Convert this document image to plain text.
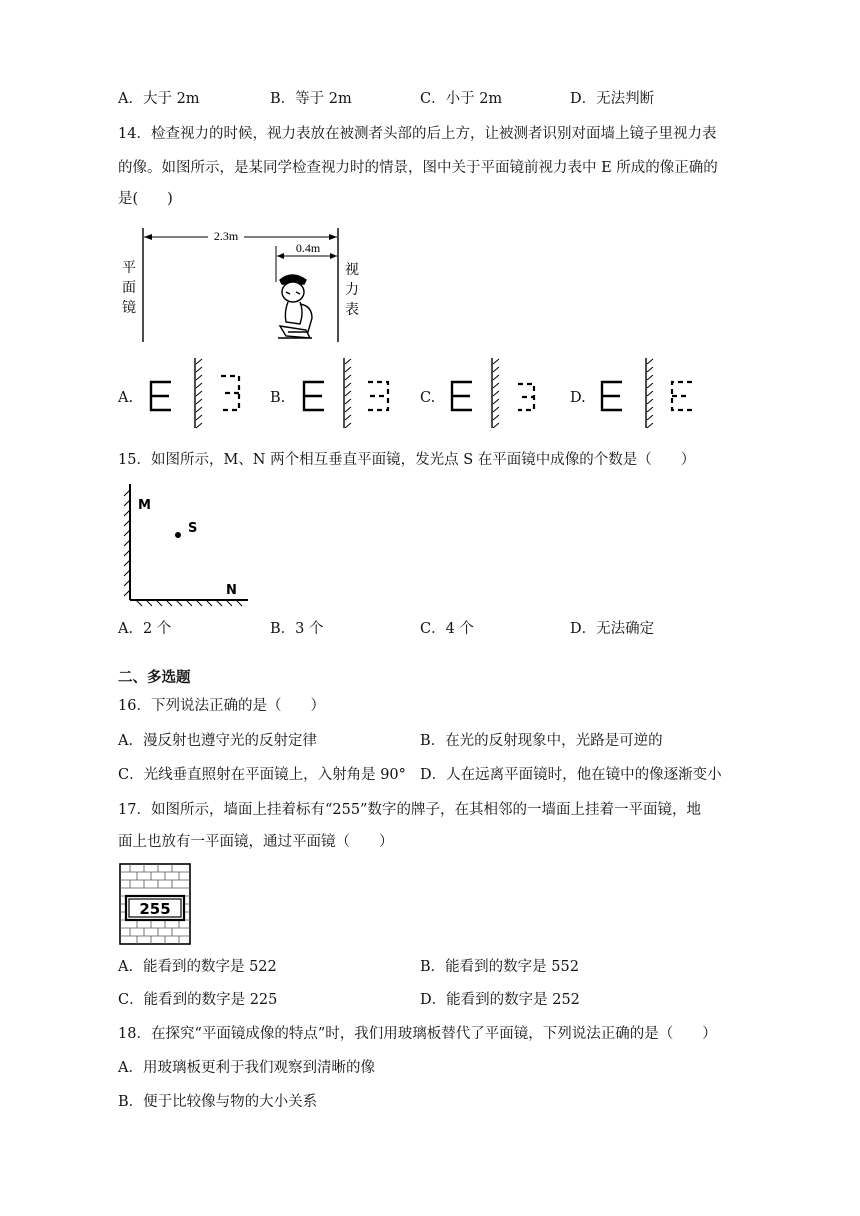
A．大于 2m	B．等于 2m	C．小于 2m	D．无法判断
14．检查视力的时候，视力表放在被测者头部的后上方，让被测者识别对面墙上镜子里视力表
的像。如图所示，是某同学检查视力时的情景，图中关于平面镜前视力表中 E 所成的像正确的
是(　　)
2.3m
0.4m
平
面
镜
视
力
表
A.	B.	C.	D.
15．如图所示，M、N 两个相互垂直平面镜，发光点 S 在平面镜中成像的个数是（　　）
M
S
N
A．2 个	B．3 个	C．4 个	D．无法确定
二、多选题
16．下列说法正确的是（　　）
A．漫反射也遵守光的反射定律	B．在光的反射现象中，光路是可逆的
C．光线垂直照射在平面镜上，入射角是 90° D．人在远离平面镜时，他在镜中的像逐渐变小
17．如图所示，墙面上挂着标有“255”数字的牌子，在其相邻的一墙面上挂着一平面镜，地
面上也放有一平面镜，通过平面镜（　　）
255
A．能看到的数字是 522	B．能看到的数字是 552
C．能看到的数字是 225	D．能看到的数字是 252
18．在探究“平面镜成像的特点”时，我们用玻璃板替代了平面镜，下列说法正确的是（　　）
A．用玻璃板更利于我们观察到清晰的像
B．便于比较像与物的大小关系
